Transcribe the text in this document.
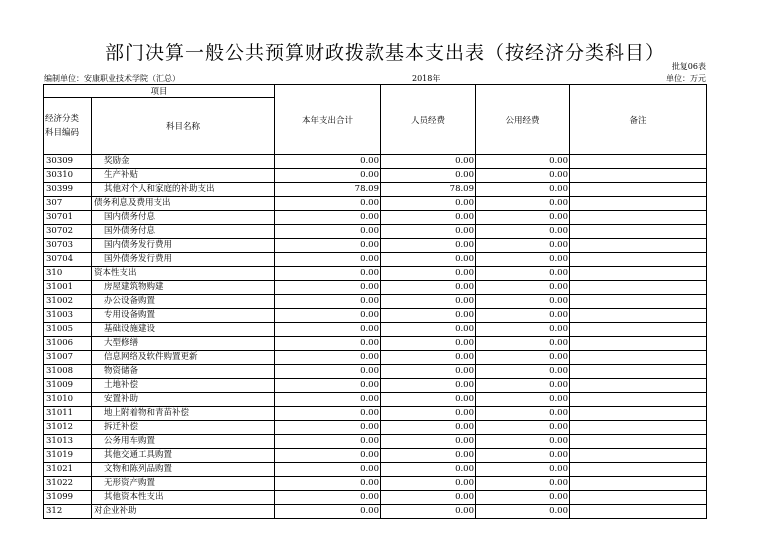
部门决算一般公共预算财政拨款基本支出表（按经济分类科目）
批复06表
编制单位：安康职业技术学院（汇总）	2018年	单位：万元
项目		本年支出合计	人员经费	公用经费	备注

经济分类
科目编码	科目名称				
30309	奖励金	0.00	0.00	0.00	
30310	生产补贴	0.00	0.00	0.00	
30399	其他对个人和家庭的补助支出	78.09	78.09	0.00	
307	债务利息及费用支出	0.00	0.00	0.00	
30701	国内债务付息	0.00	0.00	0.00	
30702	国外债务付息	0.00	0.00	0.00	
30703	国内债务发行费用	0.00	0.00	0.00	
30704	国外债务发行费用	0.00	0.00	0.00	
310	资本性支出	0.00	0.00	0.00	
31001	房屋建筑物购建	0.00	0.00	0.00	
31002	办公设备购置	0.00	0.00	0.00	
31003	专用设备购置	0.00	0.00	0.00	
31005	基础设施建设	0.00	0.00	0.00	
31006	大型修缮	0.00	0.00	0.00	
31007	信息网络及软件购置更新	0.00	0.00	0.00	
31008	物资储备	0.00	0.00	0.00	
31009	土地补偿	0.00	0.00	0.00	
31010	安置补助	0.00	0.00	0.00	
31011	地上附着物和青苗补偿	0.00	0.00	0.00	
31012	拆迁补偿	0.00	0.00	0.00	
31013	公务用车购置	0.00	0.00	0.00	
31019	其他交通工具购置	0.00	0.00	0.00	
31021	文物和陈列品购置	0.00	0.00	0.00	
31022	无形资产购置	0.00	0.00	0.00	
31099	其他资本性支出	0.00	0.00	0.00	
312	对企业补助	0.00	0.00	0.00	
